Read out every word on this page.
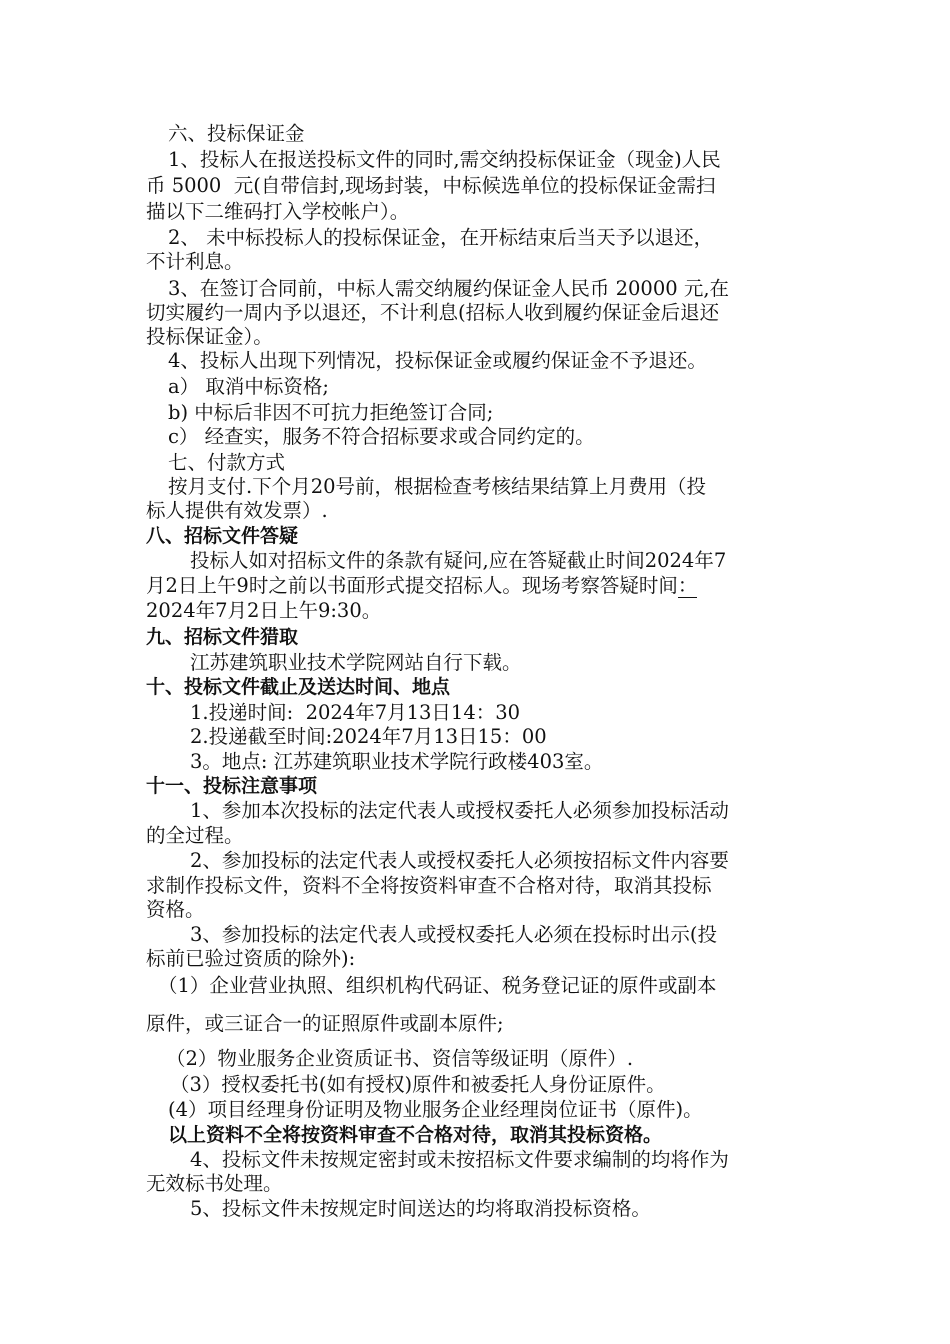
六、投标保证金
1、投标人在报送投标文件的同时,需交纳投标保证金（现金)人民
币 5000  元(自带信封,现场封装，中标候选单位的投标保证金需扫
描以下二维码打入学校帐户）。
2、 未中标投标人的投标保证金，在开标结束后当天予以退还，
不计利息。
3、在签订合同前，中标人需交纳履约保证金人民币 20000 元,在
切实履约一周内予以退还，不计利息(招标人收到履约保证金后退还
投标保证金）。
4、投标人出现下列情况，投标保证金或履约保证金不予退还。
a） 取消中标资格;
b) 中标后非因不可抗力拒绝签订合同;
c） 经查实，服务不符合招标要求或合同约定的。
七、付款方式
按月支付.下个月20号前，根据检查考核结果结算上月费用（投
标人提供有效发票）.
八、招标文件答疑
投标人如对招标文件的条款有疑问,应在答疑截止时间2024年7
月2日上午9时之前以书面形式提交招标人。现场考察答疑时间：
2024年7月2日上午9:30。
九、招标文件猎取
江苏建筑职业技术学院网站自行下载。
十、投标文件截止及送达时间、地点
1.投递时间:  2024年7月13日14：30
2.投递截至时间:2024年7月13日15：00
3。地点: 江苏建筑职业技术学院行政楼403室。
十一、投标注意事项
1、参加本次投标的法定代表人或授权委托人必须参加投标活动
的全过程。
2、参加投标的法定代表人或授权委托人必须按招标文件内容要
求制作投标文件，资料不全将按资料审查不合格对待，取消其投标
资格。
3、参加投标的法定代表人或授权委托人必须在投标时出示(投
标前已验过资质的除外):
（1）企业营业执照、组织机构代码证、税务登记证的原件或副本
原件，或三证合一的证照原件或副本原件;
（2）物业服务企业资质证书、资信等级证明（原件）.
（3）授权委托书(如有授权)原件和被委托人身份证原件。
(4）项目经理身份证明及物业服务企业经理岗位证书（原件)。
以上资料不全将按资料审查不合格对待，取消其投标资格。
4、投标文件未按规定密封或未按招标文件要求编制的均将作为
无效标书处理。
5、投标文件未按规定时间送达的均将取消投标资格。
